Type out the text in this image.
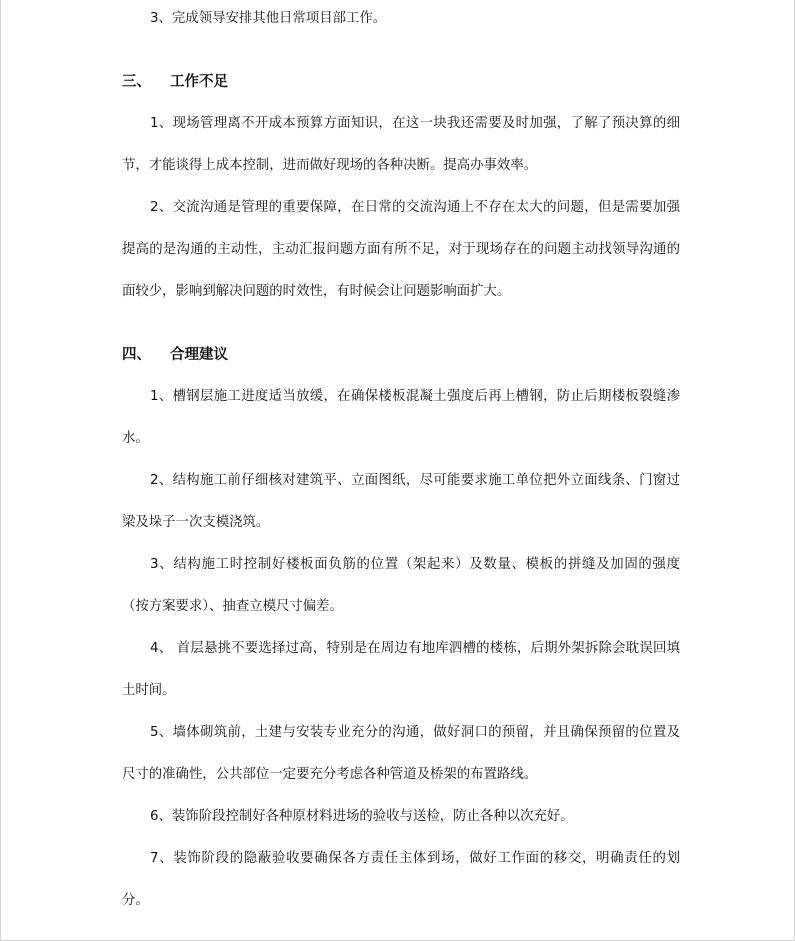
3、完成领导安排其他日常项目部工作。

三、	工作不足

1、现场管理离不开成本预算方面知识，在这一块我还需要及时加强，了解了预决算的细节，才能谈得上成本控制，进而做好现场的各种决断。提高办事效率。

2、交流沟通是管理的重要保障，在日常的交流沟通上不存在太大的问题，但是需要加强提高的是沟通的主动性，主动汇报问题方面有所不足，对于现场存在的问题主动找领导沟通的面较少，影响到解决问题的时效性，有时候会让问题影响面扩大。

四、	合理建议

1、槽钢层施工进度适当放缓，在确保楼板混凝土强度后再上槽钢，防止后期楼板裂缝渗水。

2、结构施工前仔细核对建筑平、立面图纸，尽可能要求施工单位把外立面线条、门窗过梁及垛子一次支模浇筑。

3、结构施工时控制好楼板面负筋的位置（架起来）及数量、模板的拼缝及加固的强度（按方案要求）、抽查立模尺寸偏差。

4、 首层悬挑不要选择过高，特别是在周边有地库泗槽的楼栋，后期外架拆除会耽误回填土时间。

5、墙体砌筑前，土建与安装专业充分的沟通，做好洞口的预留，并且确保预留的位置及尺寸的准确性，公共部位一定要充分考虑各种管道及桥架的布置路线。

6、装饰阶段控制好各种原材料进场的验收与送检，防止各种以次充好。

7、装饰阶段的隐蔽验收要确保各方责任主体到场，做好工作面的移交，明确责任的划分。
